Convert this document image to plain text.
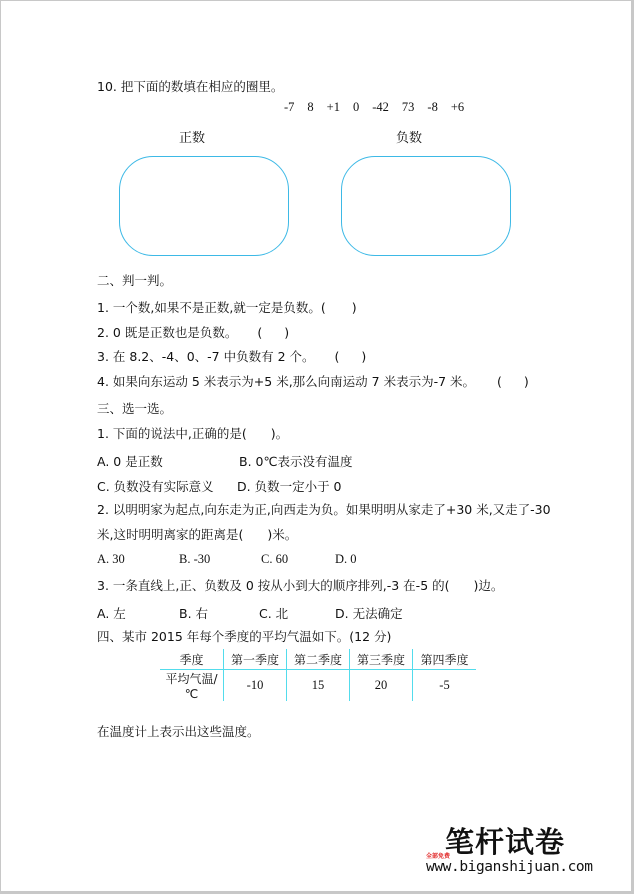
10. 把下面的数填在相应的圈里。
-7 8 +1 0 -42 73 -8 +6
正数	负数
二、判一判。
1. 一个数,如果不是正数,就一定是负数。( )
2. 0 既是正数也是负数。 ( )
3. 在 8.2、-4、0、-7 中负数有 2 个。 ( )
4. 如果向东运动 5 米表示为+5 米,那么向南运动 7 米表示为-7 米。 ( )
三、选一选。
1. 下面的说法中,正确的是( )。
A. 0 是正数	B. 0℃表示没有温度
C. 负数没有实际意义 D. 负数一定小于 0
2. 以明明家为起点,向东走为正,向西走为负。如果明明从家走了+30 米,又走了-30
米,这时明明离家的距离是( )米。
A. 30	B. -30	C. 60	D. 0
3. 一条直线上,正、负数及 0 按从小到大的顺序排列,-3 在-5 的( )边。
A. 左	B. 右	C. 北	D. 无法确定
四、某市 2015 年每个季度的平均气温如下。(12 分)
季度	第一季度	第二季度	第三季度	第四季度
平均气温/℃	-10	15	20	-5
在温度计上表示出这些温度。
笔杆试卷
全部免费
www.biganshijuan.com
